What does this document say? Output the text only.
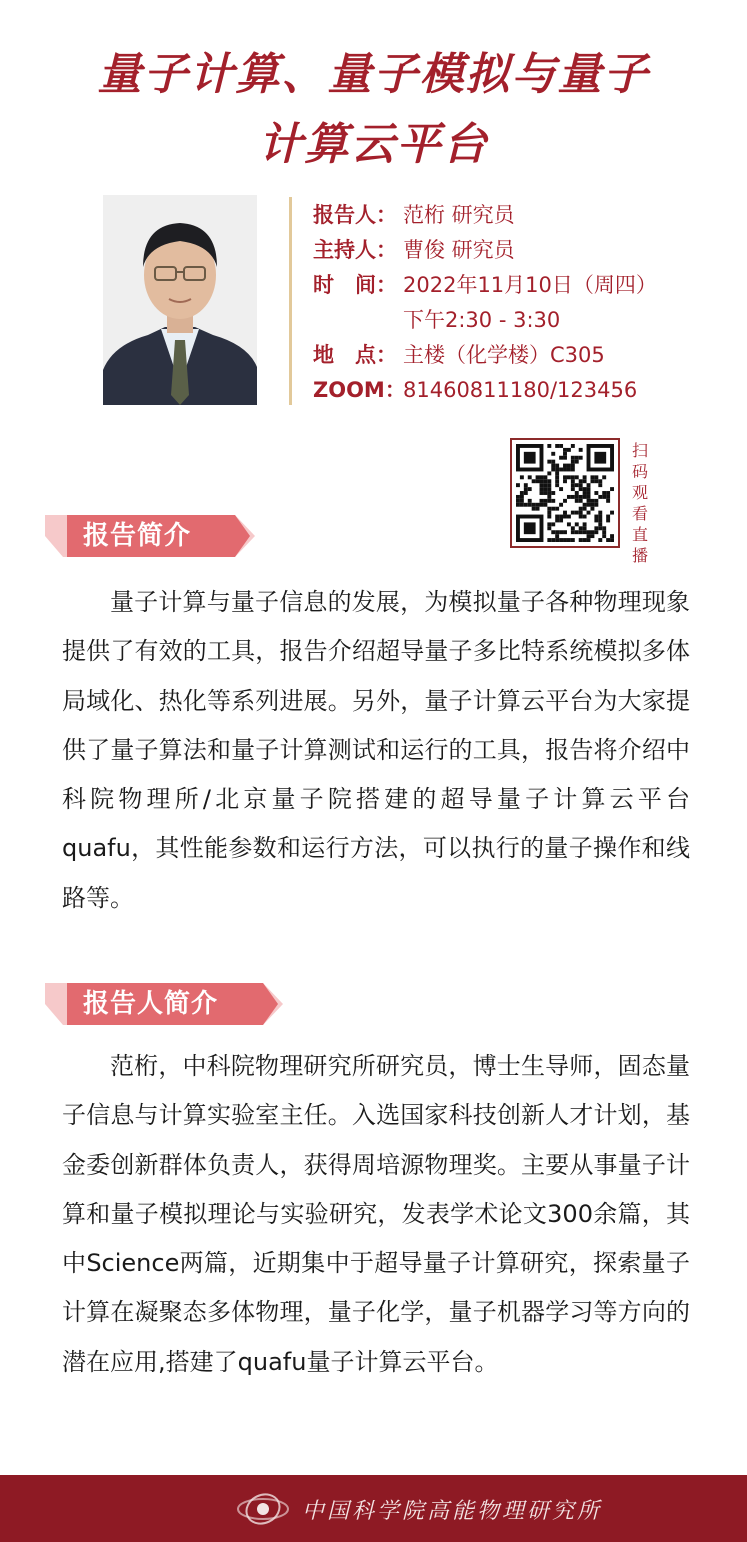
量子计算、量子模拟与量子
计算云平台
报告人： 范桁 研究员
主持人： 曹俊 研究员
时　间： 2022年11月10日（周四）
下午2:30 - 3:30
地　点： 主楼（化学楼）C305
ZOOM：
81460811180/123456
扫码观看直播
报告简介
量子计算与量子信息的发展，为模拟量子各种物理现象提供了有效的工具，报告介绍超导量子多比特系统模拟多体局域化、热化等系列进展。另外，量子计算云平台为大家提供了量子算法和量子计算测试和运行的工具，报告将介绍中科院物理所/北京量子院搭建的超导量子计算云平台quafu，其性能参数和运行方法，可以执行的量子操作和线路等。
报告人简介
范桁，中科院物理研究所研究员，博士生导师，固态量子信息与计算实验室主任。入选国家科技创新人才计划，基金委创新群体负责人，获得周培源物理奖。主要从事量子计算和量子模拟理论与实验研究，发表学术论文300余篇，其中Science两篇，近期集中于超导量子计算研究，探索量子计算在凝聚态多体物理，量子化学，量子机器学习等方向的潜在应用,搭建了quafu量子计算云平台。
中国科学院高能物理研究所
